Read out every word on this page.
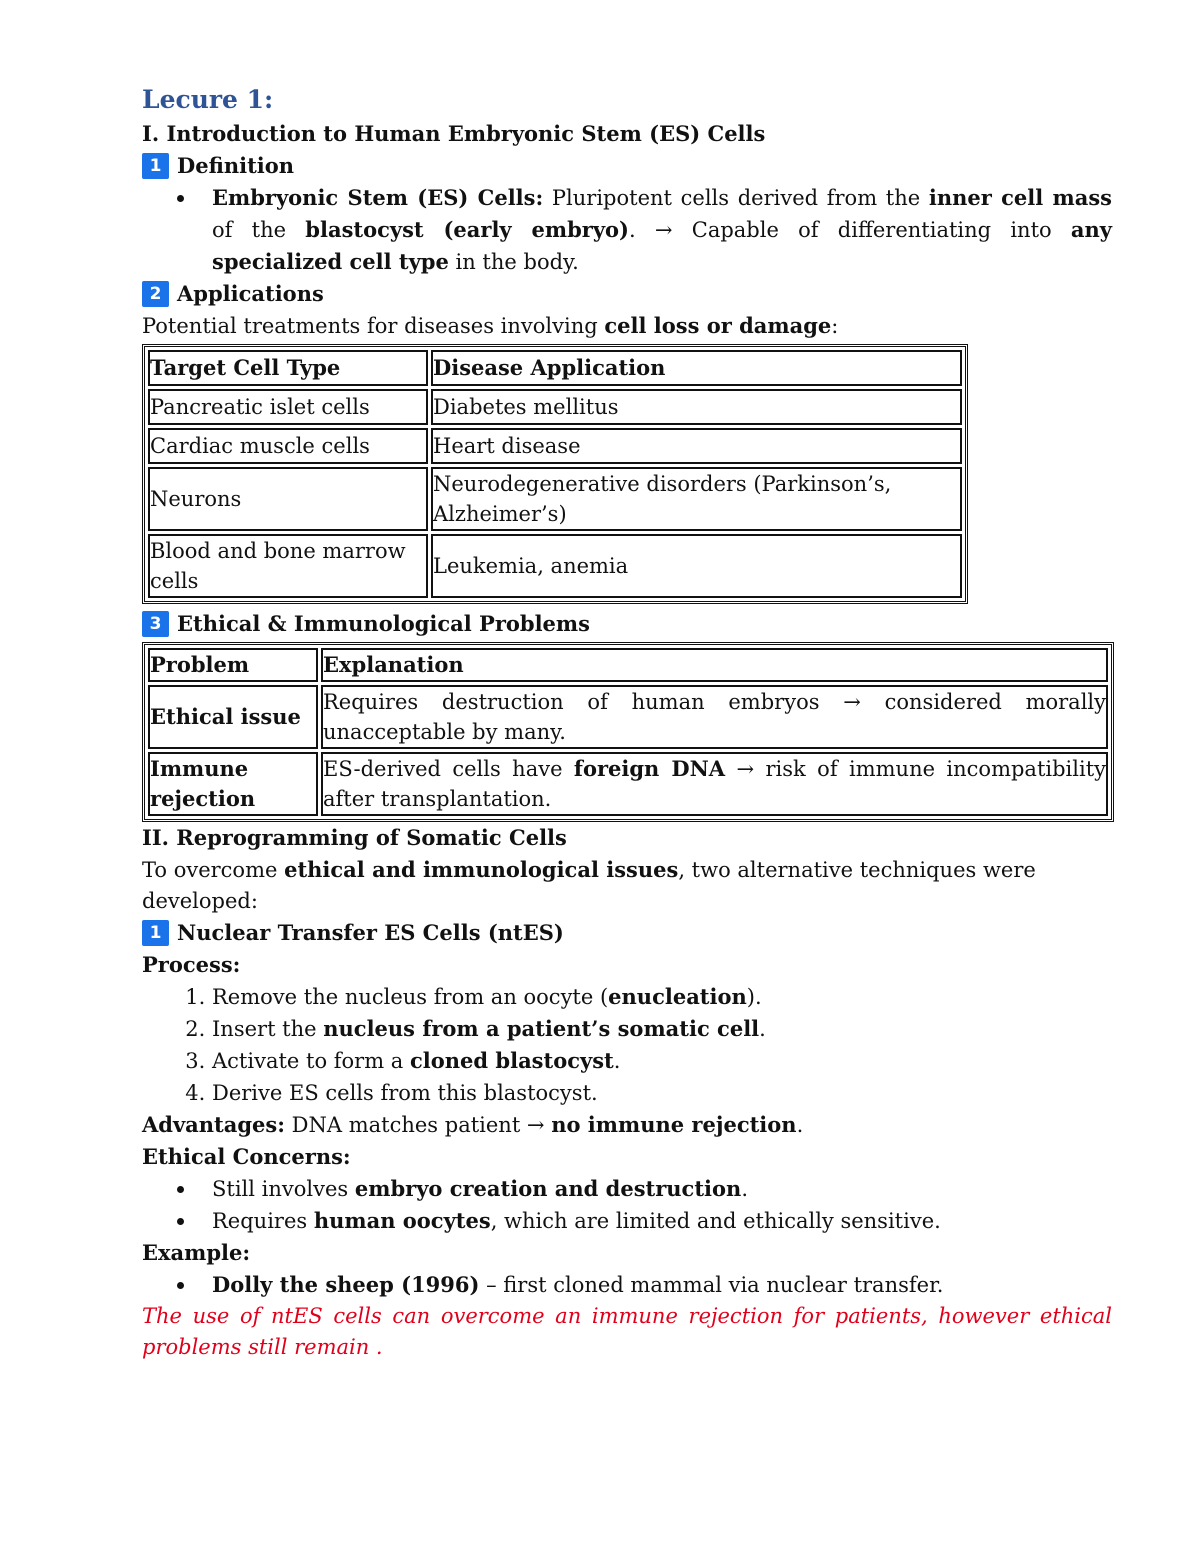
Lecure 1:
I. Introduction to Human Embryonic Stem (ES) Cells
1 Definition
Embryonic Stem (ES) Cells: Pluripotent cells derived from the inner cell mass of the blastocyst (early embryo). → Capable of differentiating into any specialized cell type in the body.
2 Applications

Potential treatments for diseases involving cell loss or damage:

Target Cell Type	Disease Application
Pancreatic islet cells	Diabetes mellitus
Cardiac muscle cells	Heart disease
Neurons	Neurodegenerative disorders (Parkinson’s, Alzheimer’s)
Blood and bone marrow cells	Leukemia, anemia
3 Ethical & Immunological Problems
Problem	Explanation
Ethical issue	Requires destruction of human embryos → considered morally unacceptable by many.
Immune rejection	ES-derived cells have foreign DNA → risk of immune incompatibility after transplantation.
II. Reprogramming of Somatic Cells

To overcome ethical and immunological issues, two alternative techniques were developed:

1 Nuclear Transfer ES Cells (ntES)

Process:

1. Remove the nucleus from an oocyte (enucleation).
2. Insert the nucleus from a patient’s somatic cell.
3. Activate to form a cloned blastocyst.
4. Derive ES cells from this blastocyst.

Advantages: DNA matches patient → no immune rejection.

Ethical Concerns:

Still involves embryo creation and destruction.
Requires human oocytes, which are limited and ethically sensitive.

Example:

Dolly the sheep (1996) – first cloned mammal via nuclear transfer.

The use of ntES cells can overcome an immune rejection for patients, however ethical problems still remain .
